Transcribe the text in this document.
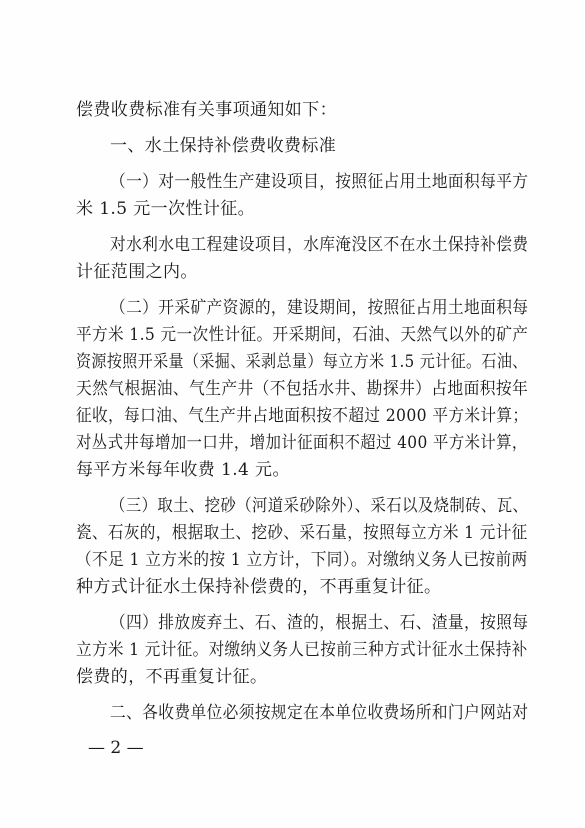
偿费收费标准有关事项通知如下：
一、水土保持补偿费收费标准
（一）对一般性生产建设项目，按照征占用土地面积每平方
米 1.5 元一次性计征。
对水利水电工程建设项目，水库淹没区不在水土保持补偿费
计征范围之内。
（二）开采矿产资源的，建设期间，按照征占用土地面积每
平方米 1.5 元一次性计征。开采期间，石油、天然气以外的矿产
资源按照开采量（采掘、采剥总量）每立方米 1.5 元计征。石油、
天然气根据油、气生产井（不包括水井、勘探井）占地面积按年
征收，每口油、气生产井占地面积按不超过 2000 平方米计算；
对丛式井每增加一口井，增加计征面积不超过 400 平方米计算，
每平方米每年收费 1.4 元。
（三）取土、挖砂（河道采砂除外）、采石以及烧制砖、瓦、
瓷、石灰的，根据取土、挖砂、采石量，按照每立方米 1 元计征
（不足 1 立方米的按 1 立方计，下同）。对缴纳义务人已按前两
种方式计征水土保持补偿费的，不再重复计征。
（四）排放废弃土、石、渣的，根据土、石、渣量，按照每
立方米 1 元计征。对缴纳义务人已按前三种方式计征水土保持补
偿费的，不再重复计征。
二、各收费单位必须按规定在本单位收费场所和门户网站对
— 2 —
